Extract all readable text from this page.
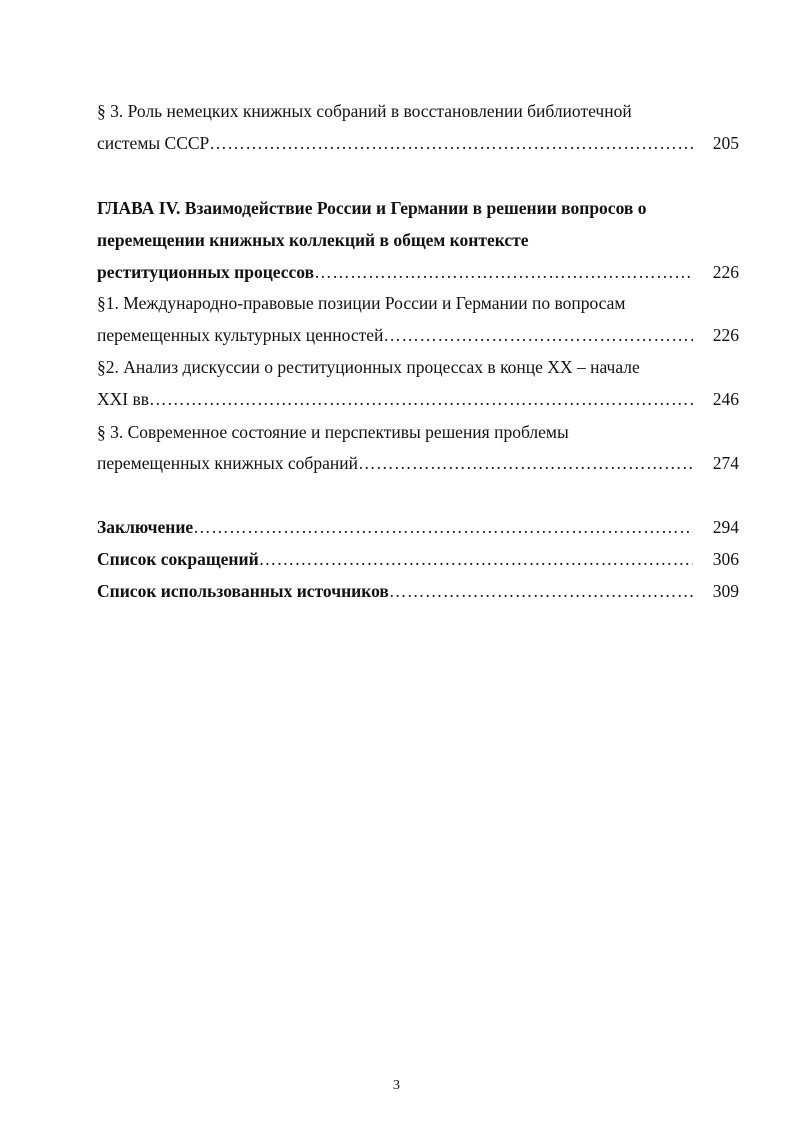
§ 3. Роль немецких книжных собраний в восстановлении библиотечной
системы СССР ……………………………………………………………………………………………………………………………………………………………………………………………………	205
ГЛАВА IV. Взаимодействие России и Германии в решении вопросов о
перемещении книжных коллекций в общем контексте
реституционных процессов ……………………………………………………………………………………………………………………………………………………………………………………………………	226
§1. Международно-правовые позиции России и Германии по вопросам
перемещенных культурных ценностей ……………………………………………………………………………………………………………………………………………………………………………………………………	226
§2. Анализ дискуссии о реституционных процессах в конце XX – начале
XXI вв ……………………………………………………………………………………………………………………………………………………………………………………………………	246
§ 3. Современное состояние и перспективы решения проблемы
перемещенных книжных собраний ……………………………………………………………………………………………………………………………………………………………………………………………………	274
Заключение ……………………………………………………………………………………………………………………………………………………………………………………………………	294
Список сокращений ……………………………………………………………………………………………………………………………………………………………………………………………………	306
Список использованных источников ……………………………………………………………………………………………………………………………………………………………………………………………………	309
3
